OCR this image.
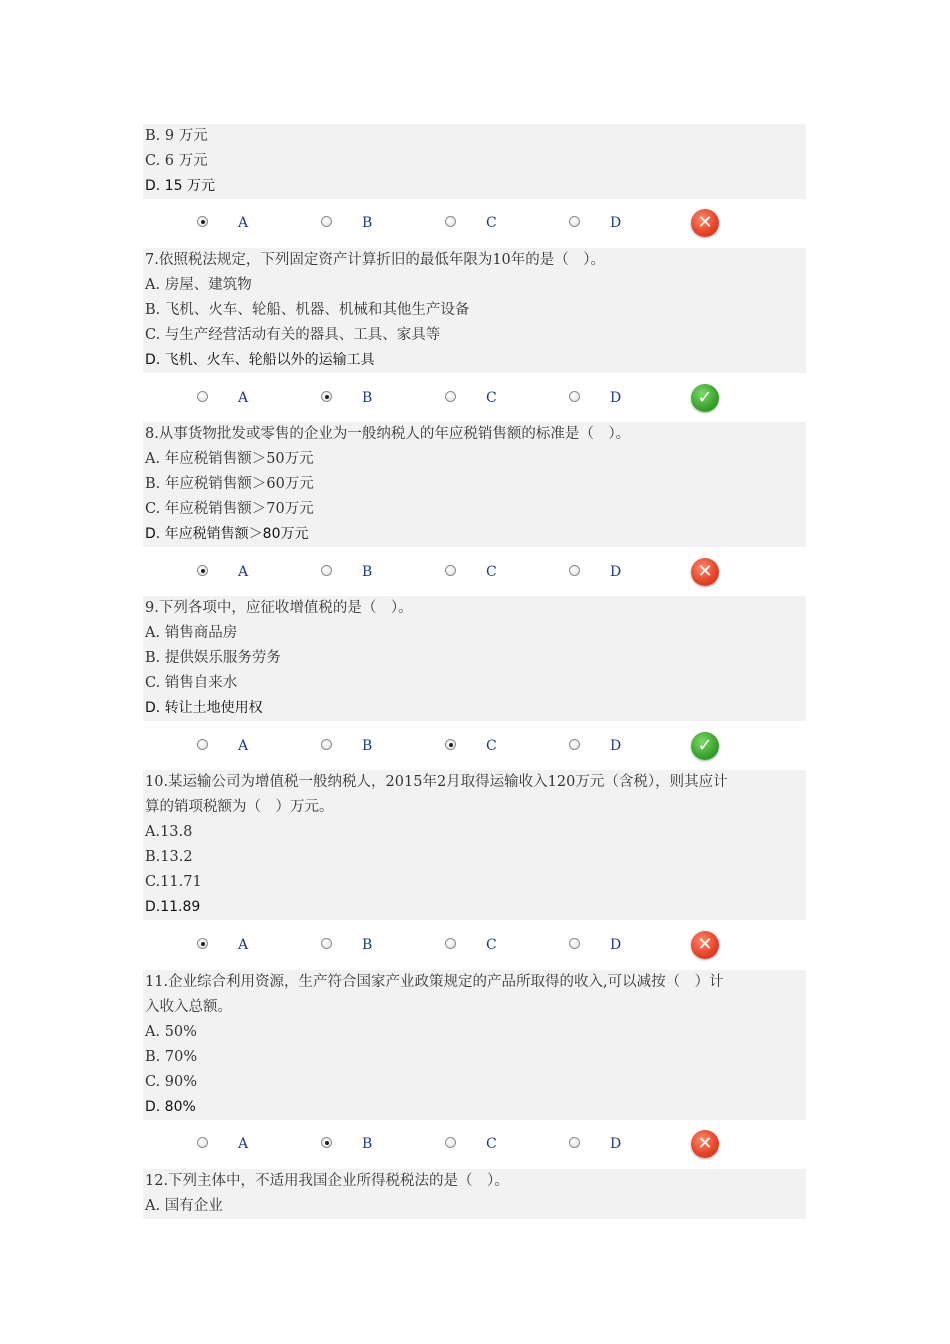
B. 9 万元
C. 6 万元
D. 15 万元
A	B	C	D	✕
7.依照税法规定，下列固定资产计算折旧的最低年限为10年的是（　）。
A. 房屋、建筑物
B. 飞机、火车、轮船、机器、机械和其他生产设备
C. 与生产经营活动有关的器具、工具、家具等
D. 飞机、火车、轮船以外的运输工具
A	B	C	D	✓
8.从事货物批发或零售的企业为一般纳税人的年应税销售额的标准是（　）。
A. 年应税销售额＞50万元
B. 年应税销售额＞60万元
C. 年应税销售额＞70万元
D. 年应税销售额＞80万元
A	B	C	D	✕
9.下列各项中，应征收增值税的是（　）。
A. 销售商品房
B. 提供娱乐服务劳务
C. 销售自来水
D. 转让土地使用权
A	B	C	D	✓
10.某运输公司为增值税一般纳税人，2015年2月取得运输收入120万元（含税），则其应计
算的销项税额为（　）万元。
A.13.8
B.13.2
C.11.71
D.11.89
A	B	C	D	✕
11.企业综合利用资源，生产符合国家产业政策规定的产品所取得的收入,可以减按（　）计
入收入总额。
A. 50%
B. 70%
C. 90%
D. 80%
A	B	C	D	✕
12.下列主体中，不适用我国企业所得税税法的是（　）。
A. 国有企业
